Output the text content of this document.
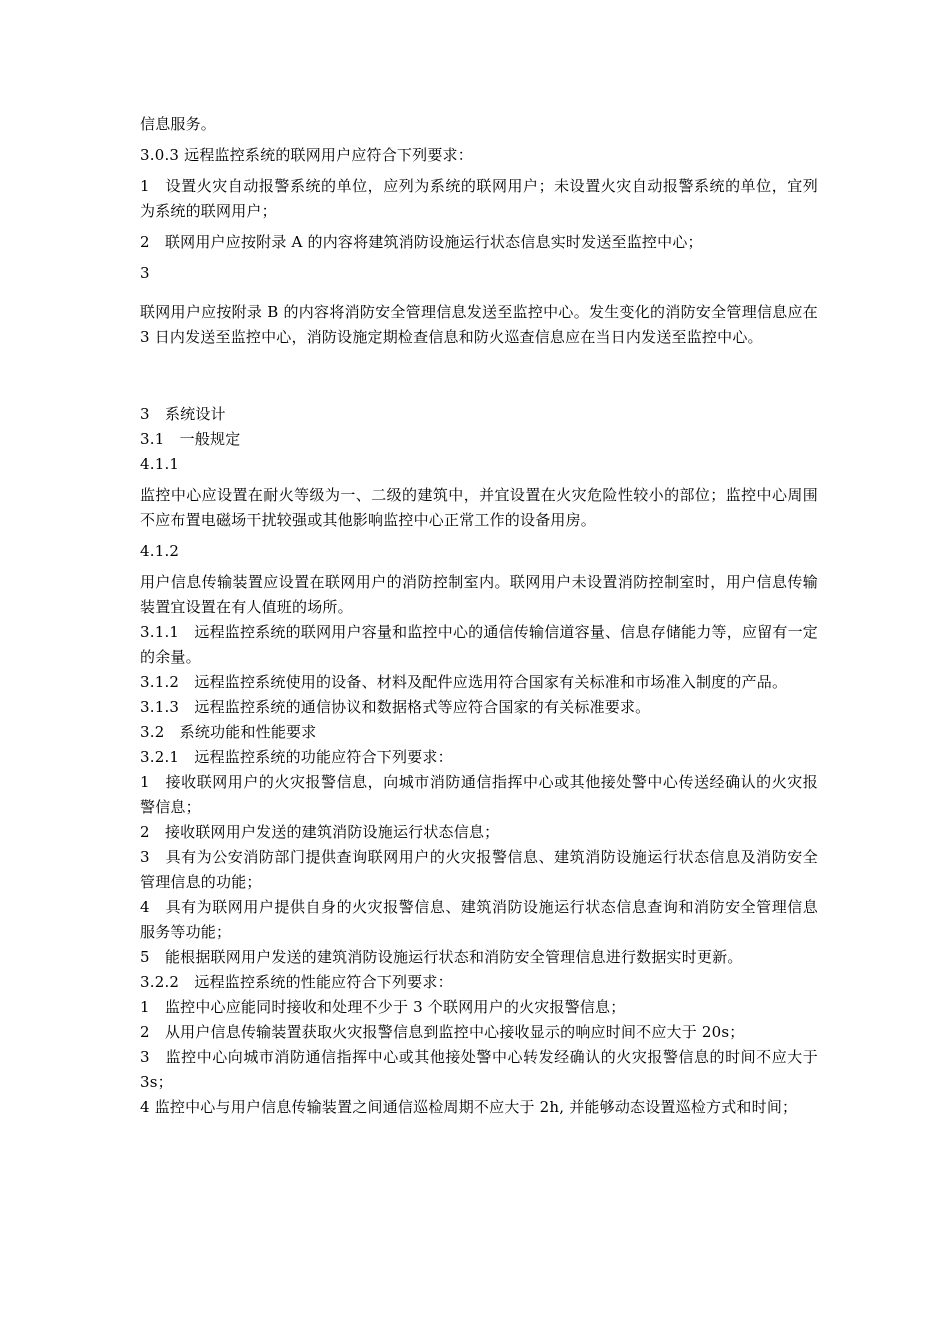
信息服务。

3.0.3 远程监控系统的联网用户应符合下列要求：

1　设置火灾自动报警系统的单位，应列为系统的联网用户；未设置火灾自动报警系统的单位，宜列为系统的联网用户；

2　联网用户应按附录 A 的内容将建筑消防设施运行状态信息实时发送至监控中心；

3

联网用户应按附录 B 的内容将消防安全管理信息发送至监控中心。发生变化的消防安全管理信息应在 3 日内发送至监控中心，消防设施定期检查信息和防火巡查信息应在当日内发送至监控中心。

3　系统设计

3.1　一般规定

4.1.1

监控中心应设置在耐火等级为一、二级的建筑中，并宜设置在火灾危险性较小的部位；监控中心周围不应布置电磁场干扰较强或其他影响监控中心正常工作的设备用房。

4.1.2

用户信息传输装置应设置在联网用户的消防控制室内。联网用户未设置消防控制室时，用户信息传输装置宜设置在有人值班的场所。

3.1.1　远程监控系统的联网用户容量和监控中心的通信传输信道容量、信息存储能力等，应留有一定的余量。

3.1.2　远程监控系统使用的设备、材料及配件应选用符合国家有关标准和市场准入制度的产品。

3.1.3　远程监控系统的通信协议和数据格式等应符合国家的有关标准要求。

3.2　系统功能和性能要求

3.2.1　远程监控系统的功能应符合下列要求：

1　接收联网用户的火灾报警信息，向城市消防通信指挥中心或其他接处警中心传送经确认的火灾报警信息；

2　接收联网用户发送的建筑消防设施运行状态信息；

3　具有为公安消防部门提供查询联网用户的火灾报警信息、建筑消防设施运行状态信息及消防安全管理信息的功能；

4　具有为联网用户提供自身的火灾报警信息、建筑消防设施运行状态信息查询和消防安全管理信息服务等功能；

5　能根据联网用户发送的建筑消防设施运行状态和消防安全管理信息进行数据实时更新。

3.2.2　远程监控系统的性能应符合下列要求：

1　监控中心应能同时接收和处理不少于 3 个联网用户的火灾报警信息；

2　从用户信息传输装置获取火灾报警信息到监控中心接收显示的响应时间不应大于 20s；

3　监控中心向城市消防通信指挥中心或其他接处警中心转发经确认的火灾报警信息的时间不应大于 3s；

4 监控中心与用户信息传输装置之间通信巡检周期不应大于 2h, 并能够动态设置巡检方式和时间；
